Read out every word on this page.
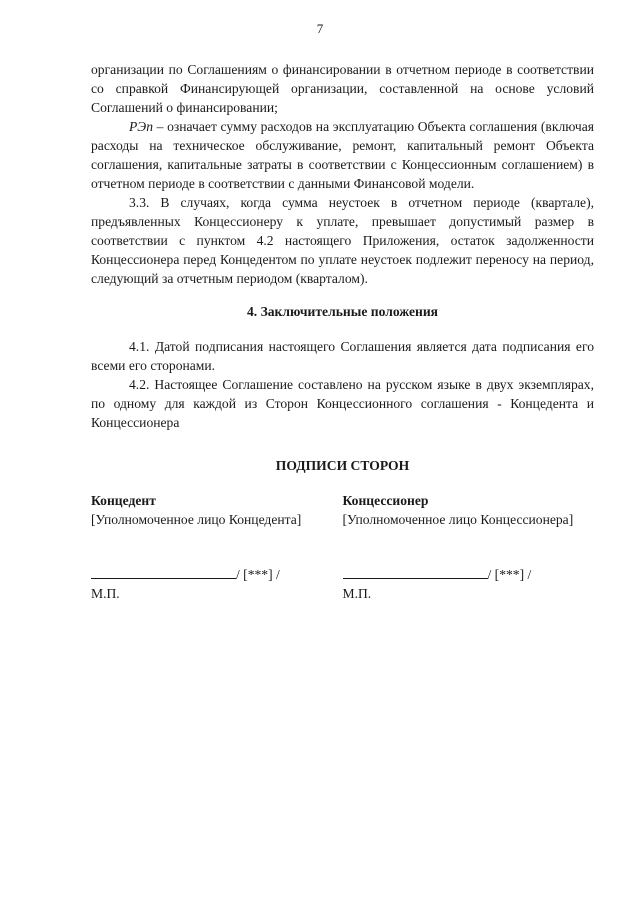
7

организации по Соглашениям о финансировании в отчетном периоде в соответствии со справкой Финансирующей организации, составленной на основе условий Соглашений о финансировании;

РЭп – означает сумму расходов на эксплуатацию Объекта соглашения (включая расходы на техническое обслуживание, ремонт, капитальный ремонт Объекта соглашения, капитальные затраты в соответствии с Концессионным соглашением) в отчетном периоде в соответствии с данными Финансовой модели.

3.3. В случаях, когда сумма неустоек в отчетном периоде (квартале), предъявленных Концессионеру к уплате, превышает допустимый размер в соответствии с пунктом 4.2 настоящего Приложения, остаток задолженности Концессионера перед Концедентом по уплате неустоек подлежит переносу на период, следующий за отчетным периодом (кварталом).

4. Заключительные положения

4.1. Датой подписания настоящего Соглашения является дата подписания его всеми его сторонами.

4.2. Настоящее Соглашение составлено на русском языке в двух экземплярах, по одному для каждой из Сторон Концессионного соглашения - Концедента и Концессионера

ПОДПИСИ СТОРОН
Концедент
[Уполномоченное лицо Концедента]
/ [***] /
М.П.
Концессионер
[Уполномоченное лицо Концессионера]
/ [***] /
М.П.
